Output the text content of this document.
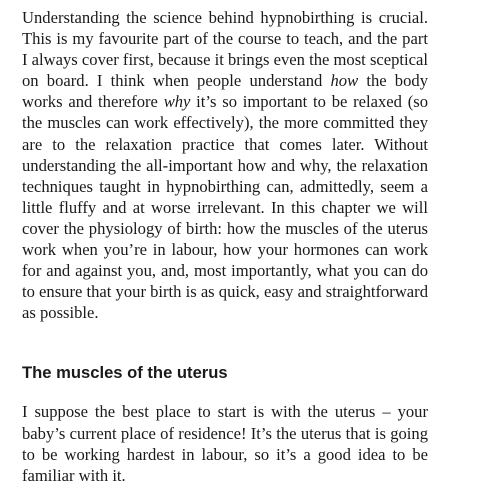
Understanding the science behind hypnobirthing is crucial. This is my favourite part of the course to teach, and the part I always cover first, because it brings even the most sceptical on board. I think when people understand how the body works and therefore why it’s so important to be relaxed (so the muscles can work effectively), the more committed they are to the relaxation practice that comes later. Without understanding the all-important how and why, the relaxation techniques taught in hypnobirthing can, admittedly, seem a little fluffy and at worse irrelevant. In this chapter we will cover the physiology of birth: how the muscles of the uterus work when you’re in labour, how your hormones can work for and against you, and, most importantly, what you can do to ensure that your birth is as quick, easy and straightforward as possible.

The muscles of the uterus

I suppose the best place to start is with the uterus – your baby’s current place of residence! It’s the uterus that is going to be working hardest in labour, so it’s a good idea to be familiar with it.
